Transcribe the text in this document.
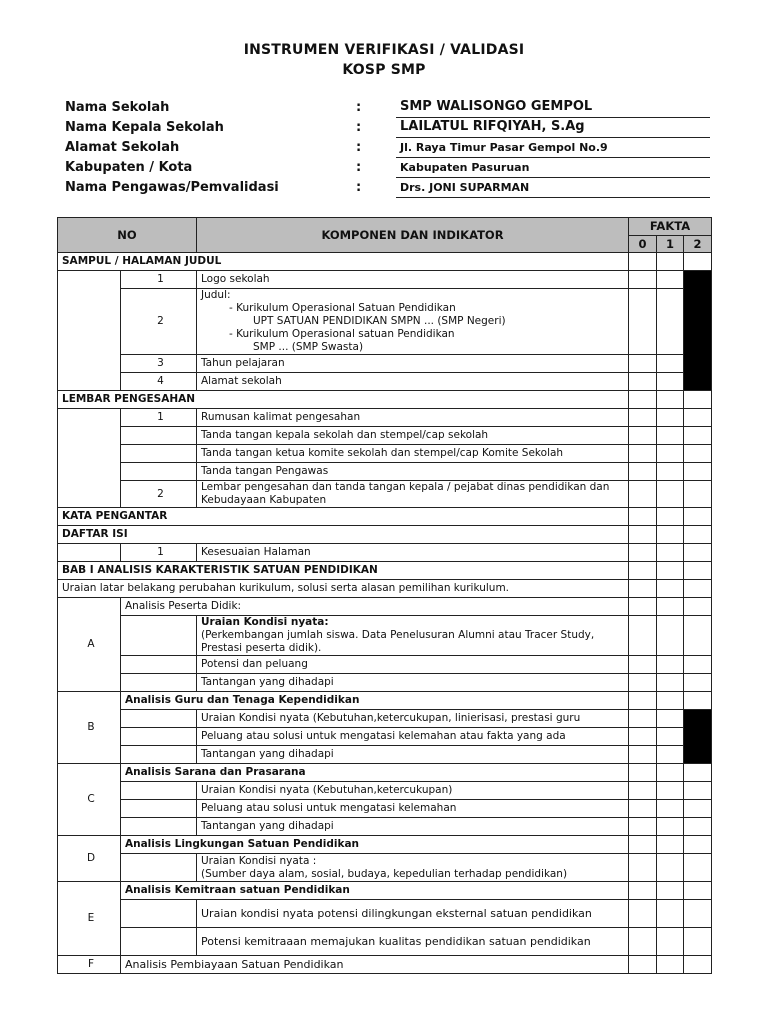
INSTRUMEN VERIFIKASI / VALIDASI
KOSP SMP
Nama Sekolah	:	SMP WALISONGO GEMPOL
Nama Kepala Sekolah	:	LAILATUL RIFQIYAH, S.Ag
Alamat Sekolah	:	Jl. Raya Timur Pasar Gempol No.9
Kabupaten / Kota	:	Kabupaten Pasuruan
Nama Pengawas/Pemvalidasi	:	Drs. JONI SUPARMAN
NO		KOMPONEN DAN INDIKATOR	FAKTA		
			0	1	2
SAMPUL / HALAMAN JUDUL					
	1	Logo sekolah			
	2	Judul:
- Kurikulum Operasional Satuan Pendidikan
UPT SATUAN PENDIDIKAN SMPN ... (SMP Negeri)
- Kurikulum Operasional satuan Pendidikan
SMP ... (SMP Swasta)			

	3	Tahun pelajaran			
	4	Alamat sekolah			
LEMBAR PENGESAHAN					
	1	Rumusan kalimat pengesahan			
		Tanda tangan kepala sekolah dan stempel/cap sekolah			
		Tanda tangan ketua komite sekolah dan stempel/cap Komite Sekolah			
		Tanda tangan Pengawas			
	2	Lembar pengesahan dan tanda tangan kepala / pejabat dinas pendidikan dan Kebudayaan Kabupaten			
KATA PENGANTAR					
DAFTAR ISI					
	1	Kesesuaian Halaman			
BAB I ANALISIS KARAKTERISTIK SATUAN PENDIDIKAN					
Uraian latar belakang perubahan kurikulum, solusi serta alasan pemilihan kurikulum.					
A	Analisis Peserta Didik:				

		Uraian Kondisi nyata:
(Perkembangan jumlah siswa. Data Penelusuran Alumni atau Tracer Study, Prestasi peserta didik).			
		Potensi dan peluang			
		Tantangan yang dihadapi			
B	Analisis Guru dan Tenaga Kependidikan				
		Uraian Kondisi nyata (Kebutuhan,ketercukupan, linierisasi, prestasi guru			
		Peluang atau solusi untuk mengatasi kelemahan atau fakta yang ada			
		Tantangan yang dihadapi			
C	Analisis Sarana dan Prasarana				
		Uraian Kondisi nyata (Kebutuhan,ketercukupan)			
		Peluang atau solusi untuk mengatasi kelemahan			
		Tantangan yang dihadapi			
D	Analisis Lingkungan Satuan Pendidikan				

		Uraian Kondisi nyata :
(Sumber daya alam, sosial, budaya, kepedulian terhadap pendidikan)			

E	Analisis Kemitraan satuan Pendidikan				
		Uraian kondisi nyata potensi dilingkungan eksternal satuan pendidikan			
		Potensi kemitraaan memajukan kualitas pendidikan satuan pendidikan			
F	Analisis Pembiayaan Satuan Pendidikan				
